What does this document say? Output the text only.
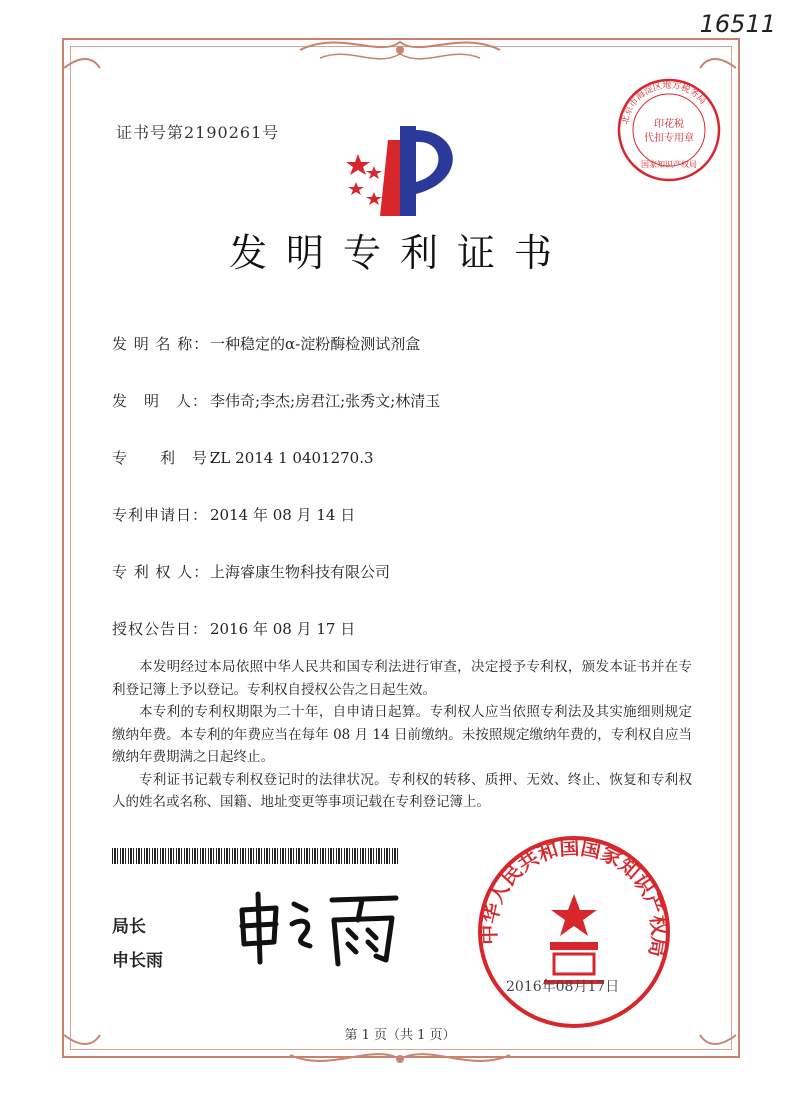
16511
证书号第2190261号
北京市海淀区地方税务局
印花税
代扣专用章
国家知识产权局
发明专利证书
发 明 名 称：一种稳定的α-淀粉酶检测试剂盒
发　明　人： 李伟奇;李杰;房君江;张秀文;林清玉
专　　利　号：ZL 2014 1 0401270.3
专利申请日： 2014 年 08 月 14 日
专 利 权 人：上海睿康生物科技有限公司
授权公告日： 2016 年 08 月 17 日

本发明经过本局依照中华人民共和国专利法进行审查，决定授予专利权，颁发本证书并在专利登记簿上予以登记。专利权自授权公告之日起生效。

本专利的专利权期限为二十年，自申请日起算。专利权人应当依照专利法及其实施细则规定缴纳年费。本专利的年费应当在每年 08 月 14 日前缴纳。未按照规定缴纳年费的，专利权自应当缴纳年费期满之日起终止。

专利证书记载专利权登记时的法律状况。专利权的转移、质押、无效、终止、恢复和专利权人的姓名或名称、国籍、地址变更等事项记载在专利登记簿上。

局长
申长雨
中华人民共和国国家知识产权局
2016年08月17日
第 1 页（共 1 页）
